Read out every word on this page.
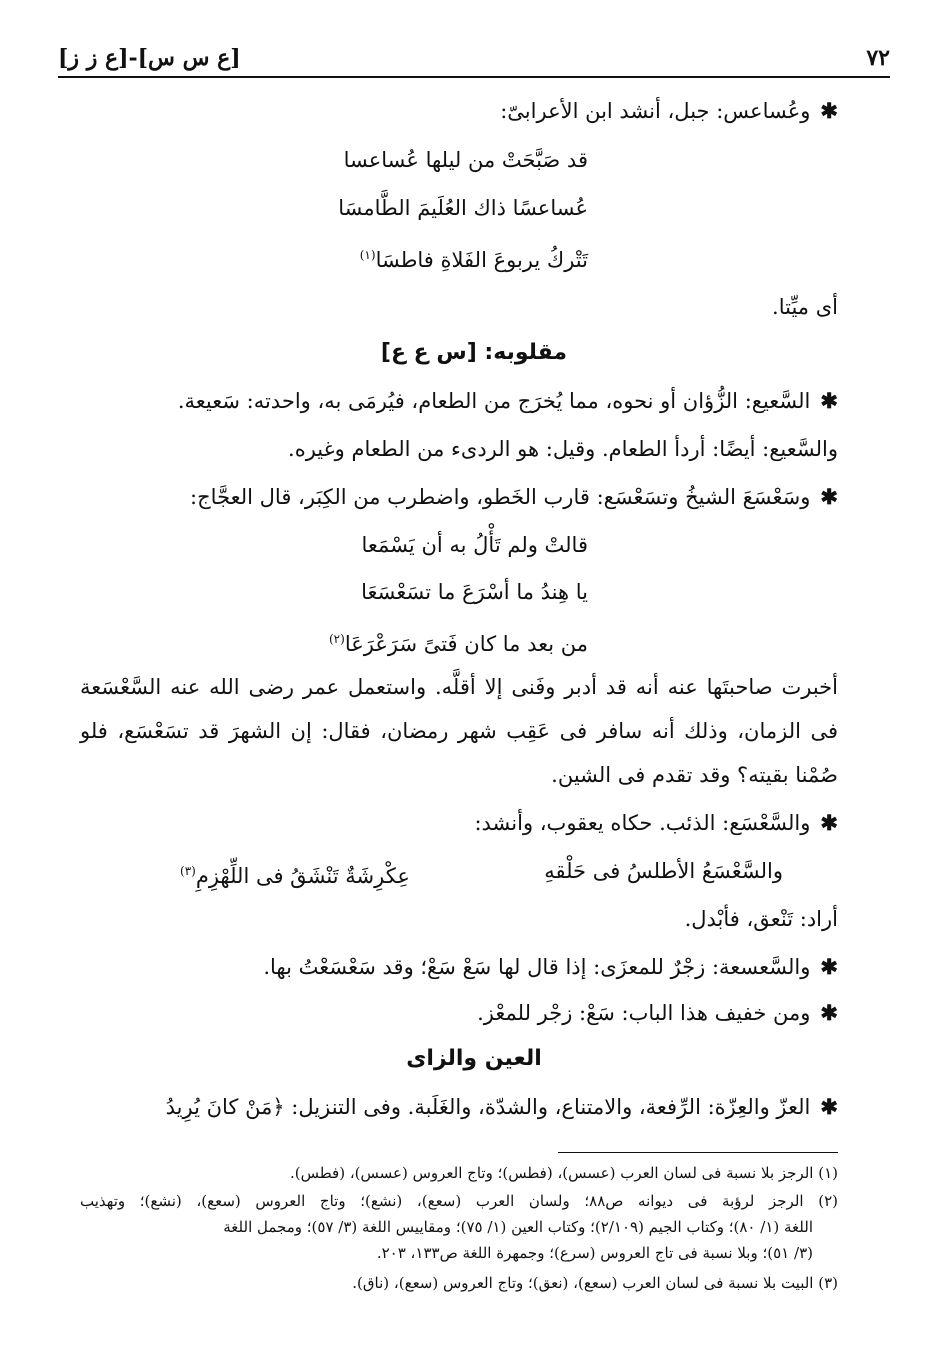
٧٢
[ع س س]-[ع ز ز]
✱وعُساعس: جبل، أنشد ابن الأعرابىّ:
قد صَبَّحَتْ من ليلها عُساعسا
عُساعسًا ذاك العُلَيمَ الطَّامسَا
تَتْركُ يربوعَ الفَلاةِ فاطسَا$^{(١)}$
أى ميِّتا.
مقلوبه: [س ع ع]
✱السَّعيع: الزُّؤان أو نحوه، مما يُخرَج من الطعام، فيُرمَى به، واحدته: سَعيعة.
والسَّعيع: أيضًا: أردأ الطعام. وقيل: هو الردىء من الطعام وغيره.
✱وسَعْسَعَ الشيخُ وتسَعْسَع: قارب الخَطو، واضطرب من الكِبَر، قال العجَّاج:
قالتْ ولم تَأْلُ به أن يَسْمَعا
يا هِندُ ما أسْرَعَ ما تسَعْسَعَا
من بعد ما كان فَتىً سَرَعْرَعَا$^{(٢)}$
أخبرت صاحبتَها عنه أنه قد أدبر وفَنى إلا أقلَّه. واستعمل عمر رضى الله عنه السَّعْسَعة
فى الزمان، وذلك أنه سافر فى عَقِب شهر رمضان، فقال: إن الشهرَ قد تسَعْسَع، فلو
صُمْنا بقيته؟ وقد تقدم فى الشين.
✱والسَّعْسَع: الذئب. حكاه يعقوب، وأنشد:
والسَّعْسَعُ الأطلسُ فى حَلْقهِ
عِكْرِشَةٌ تَنْشَقُ فى اللِّهْزِمِ$^{(٣)}$
أراد: تَنْعق، فأبْدل.
✱والسَّعسعة: زجْرٌ للمعزَى: إذا قال لها سَعْ سَعْ؛ وقد سَعْسَعْتُ بها.
✱ومن خفيف هذا الباب: سَعْ: زجْر للمعْز.
العين والزاى
✱العزّ والعِزّة: الرِّفعة، والامتناع، والشدّة، والغَلَبة. وفى التنزيل: ﴿مَنْ كانَ يُرِيدُ
(١) الرجز بلا نسبة فى لسان العرب (عسس)، (فطس)؛ وتاج العروس (عسس)، (فطس).
(٢) الرجز لرؤبة فى ديوانه ص٨٨؛ ولسان العرب (سعع)، (نشع)؛ وتاج العروس (سعع)، (نشع)؛ وتهذيب
اللغة (١/ ٨٠)؛ وكتاب الجيم (٢/١٠٩)؛ وكتاب العين (١/ ٧٥)؛ ومقاييس اللغة (٣/ ٥٧)؛ ومجمل اللغة
(٣/ ٥١)؛ وبلا نسبة فى تاج العروس (سرع)؛ وجمهرة اللغة ص١٣٣، ٢٠٣.
(٣) البيت بلا نسبة فى لسان العرب (سعع)، (نعق)؛ وتاج العروس (سعع)، (ناق).
